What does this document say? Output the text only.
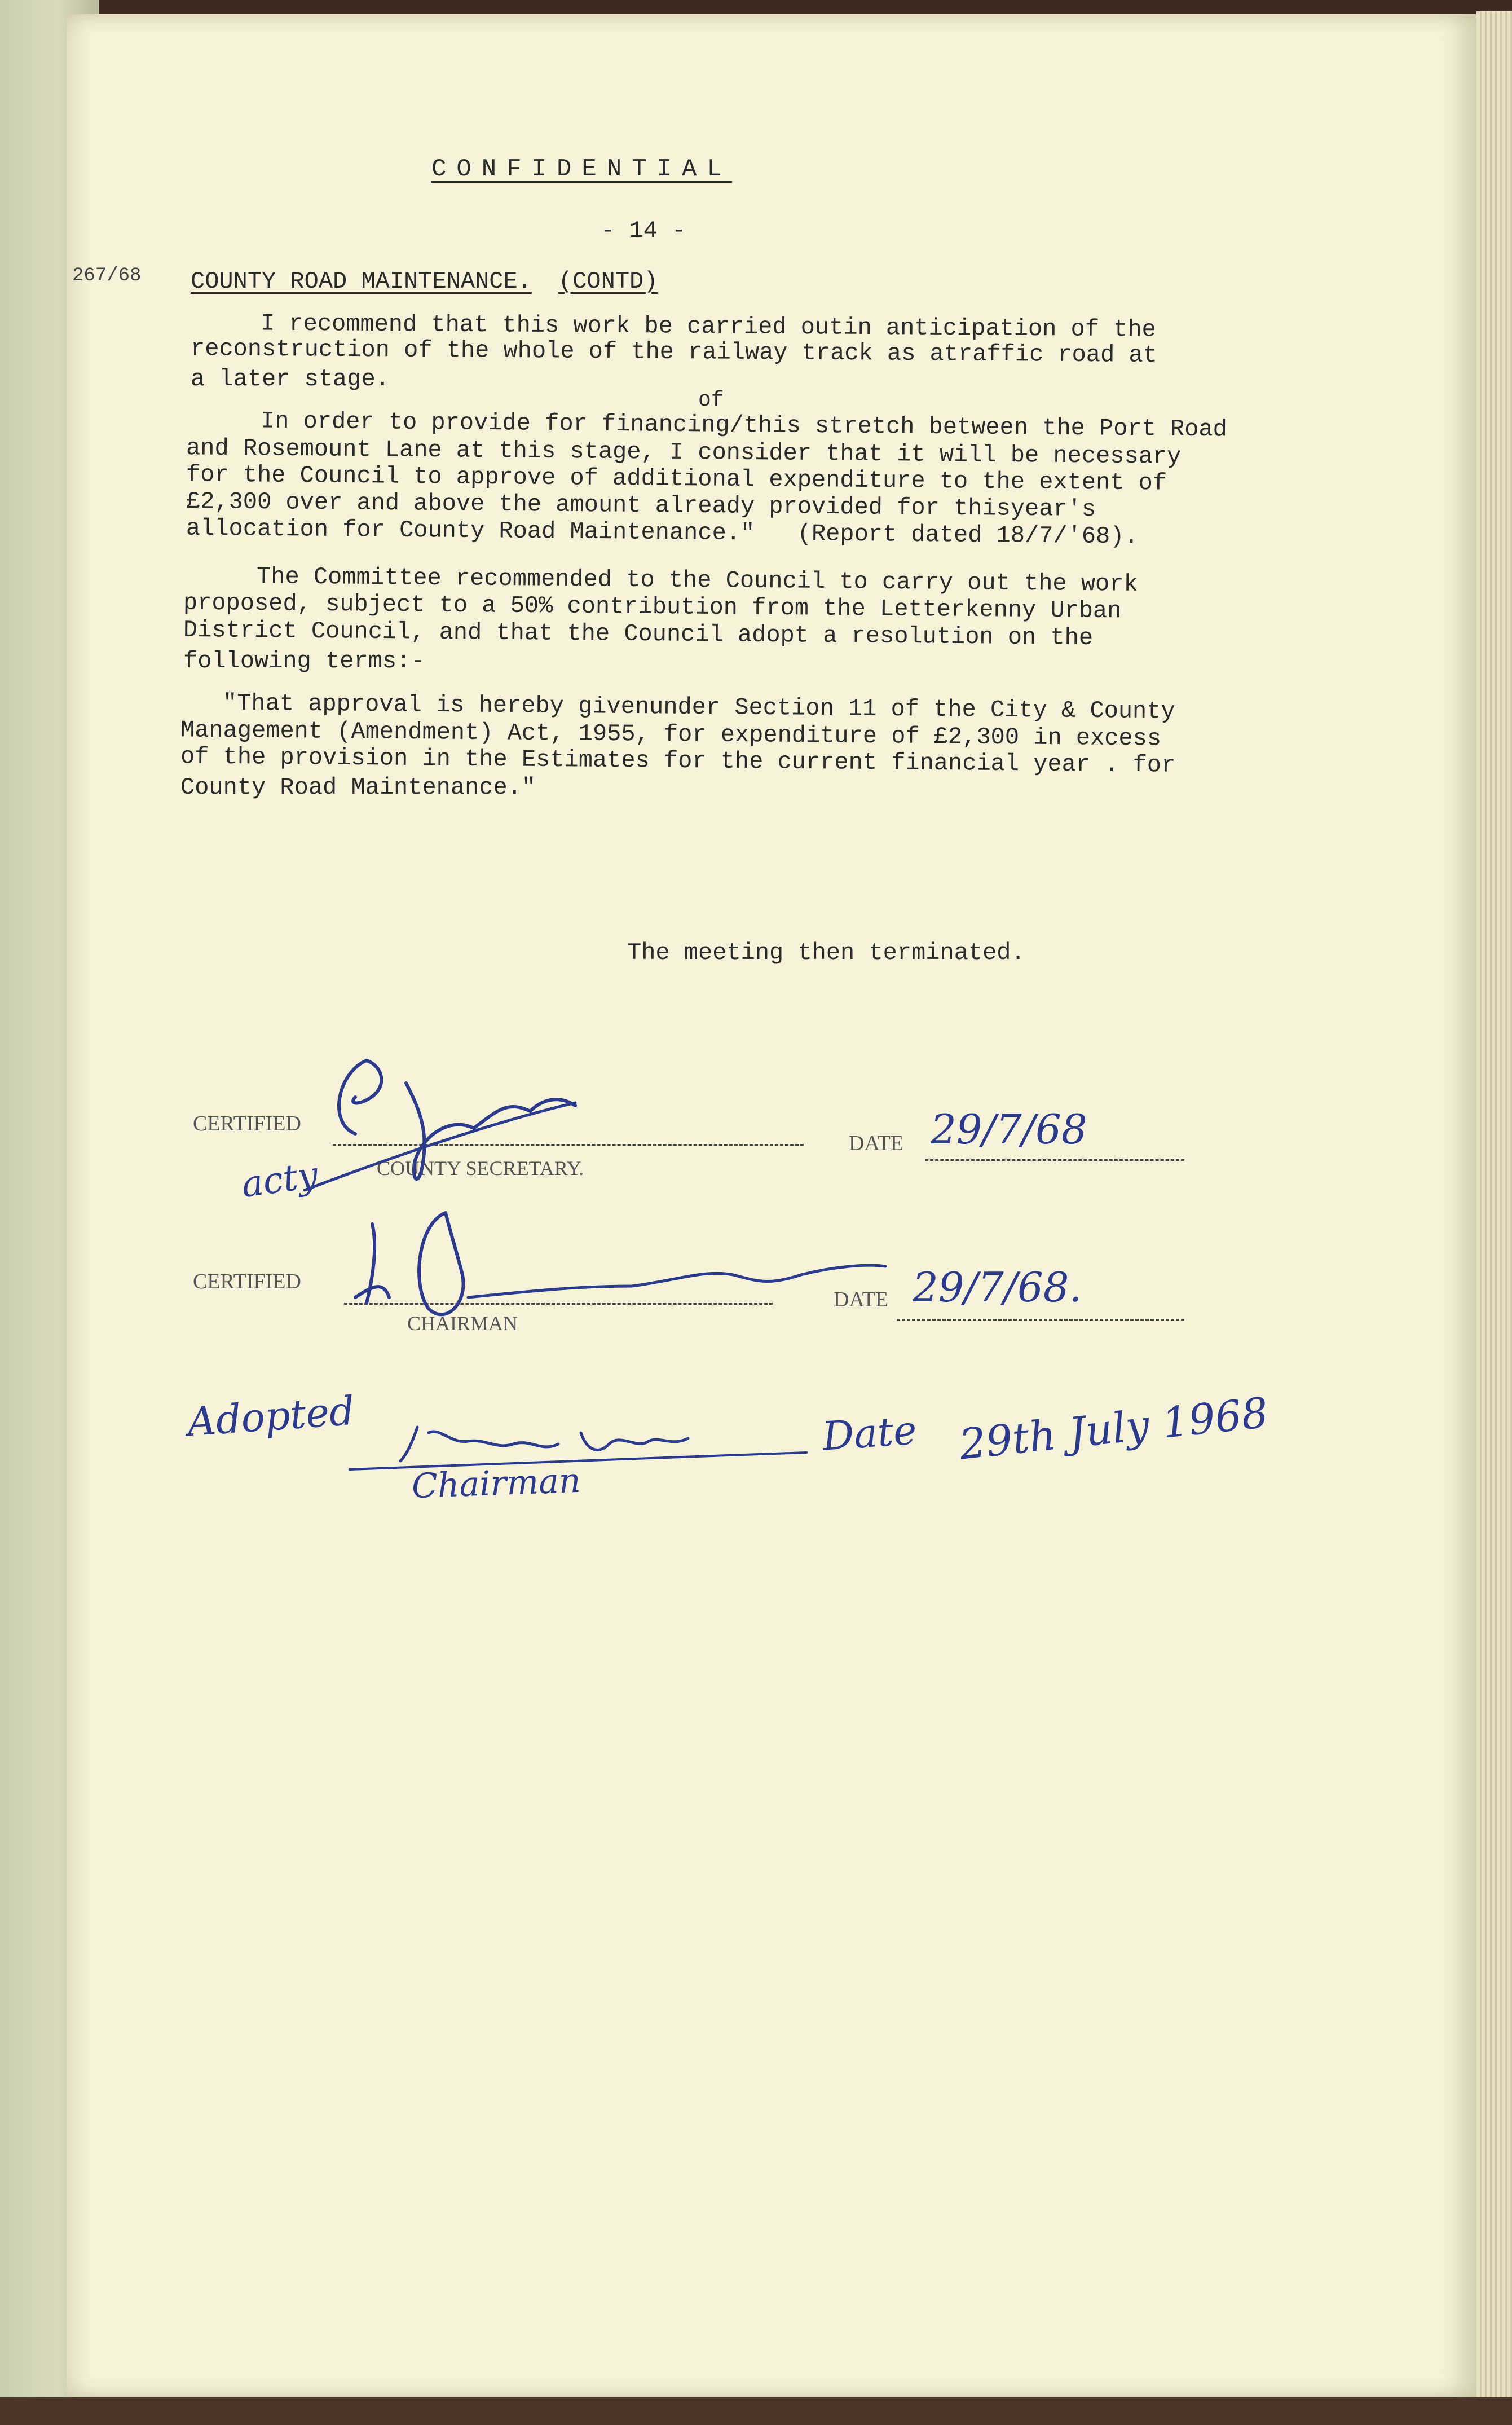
CONFIDENTIAL
- 14 -
267/68 COUNTY ROAD MAINTENANCE. (CONTD)
I recommend that this work be carried outin anticipation of the
reconstruction of the whole of the railway track as atraffic road at
a later stage.
of
In order to provide for financing/this stretch between the Port Road
and Rosemount Lane at this stage, I consider that it will be necessary
for the Council to approve of additional expenditure to the extent of
£2,300 over and above the amount already provided for thisyear's
allocation for County Road Maintenance."   (Report dated 18/7/'68).
The Committee recommended to the Council to carry out the work
proposed, subject to a 50% contribution from the Letterkenny Urban
District Council, and that the Council adopt a resolution on the
following terms:-
"That approval is hereby givenunder Section 11 of the City & County
Management (Amendment) Act, 1955, for expenditure of £2,300 in excess
of the provision in the Estimates for the current financial year . for
County Road Maintenance."
The meeting then terminated.
CERTIFIED
COUNTY SECRETARY.
DATE 29/7/68
acty
CERTIFIED
CHAIRMAN
DATE 29/7/68.
Adopted
Chairman
Date 29th July 1968
